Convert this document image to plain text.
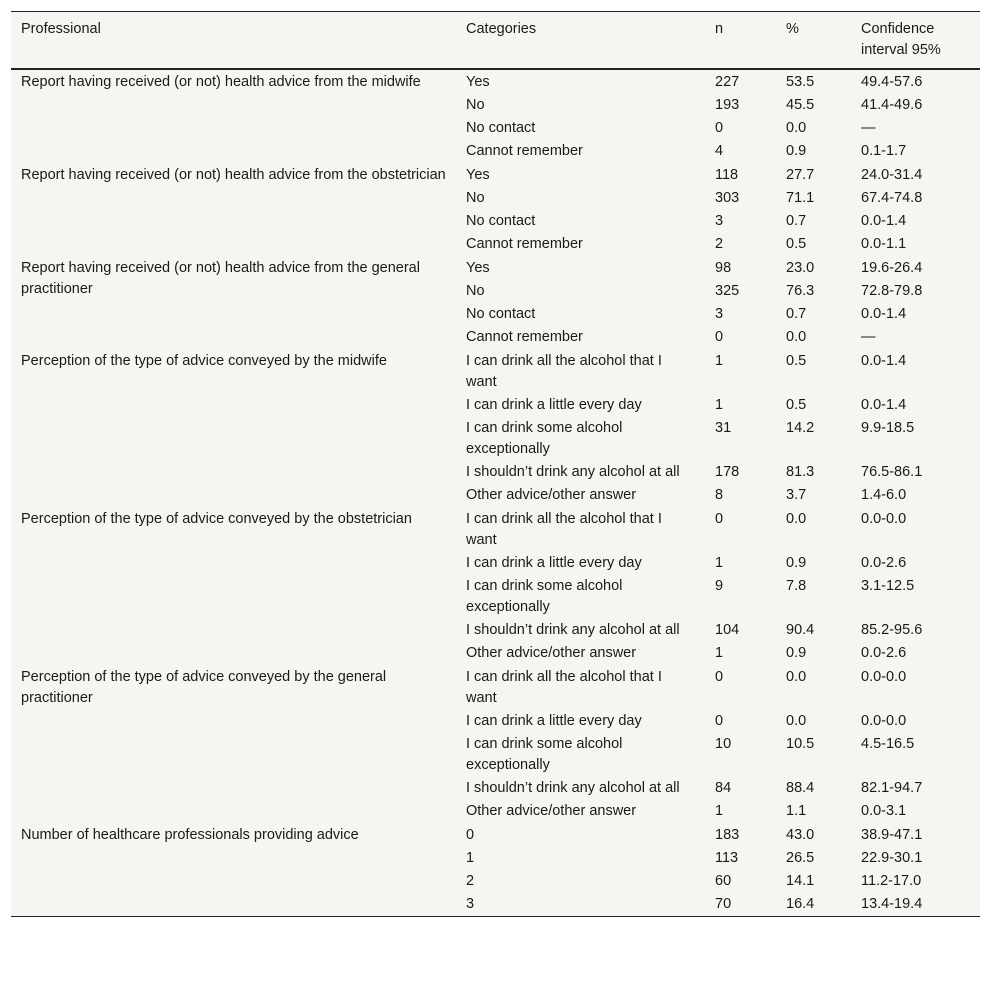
Professional	Categories	n	%	Confidence interval 95%
Report having received (or not) health advice from the midwife	Yes	227	53.5	49.4-57.6
	No	193	45.5	41.4-49.6
	No contact	0	0.0	—
	Cannot remember	4	0.9	0.1-1.7
Report having received (or not) health advice from the obstetrician	Yes	118	27.7	24.0-31.4
	No	303	71.1	67.4-74.8
	No contact	3	0.7	0.0-1.4
	Cannot remember	2	0.5	0.0-1.1
Report having received (or not) health advice from the general practitioner	Yes	98	23.0	19.6-26.4
	No	325	76.3	72.8-79.8
	No contact	3	0.7	0.0-1.4
	Cannot remember	0	0.0	—
Perception of the type of advice conveyed by the midwife	I can drink all the alcohol that I want	1	0.5	0.0-1.4
	I can drink a little every day	1	0.5	0.0-1.4
	I can drink some alcohol exceptionally	31	14.2	9.9-18.5
	I shouldn’t drink any alcohol at all	178	81.3	76.5-86.1
	Other advice/other answer	8	3.7	1.4-6.0
Perception of the type of advice conveyed by the obstetrician	I can drink all the alcohol that I want	0	0.0	0.0-0.0
	I can drink a little every day	1	0.9	0.0-2.6
	I can drink some alcohol exceptionally	9	7.8	3.1-12.5
	I shouldn’t drink any alcohol at all	104	90.4	85.2-95.6
	Other advice/other answer	1	0.9	0.0-2.6
Perception of the type of advice conveyed by the general practitioner	I can drink all the alcohol that I want	0	0.0	0.0-0.0
	I can drink a little every day	0	0.0	0.0-0.0
	I can drink some alcohol exceptionally	10	10.5	4.5-16.5
	I shouldn’t drink any alcohol at all	84	88.4	82.1-94.7
	Other advice/other answer	1	1.1	0.0-3.1
Number of healthcare professionals providing advice	0	183	43.0	38.9-47.1
	1	113	26.5	22.9-30.1
	2	60	14.1	11.2-17.0
	3	70	16.4	13.4-19.4
